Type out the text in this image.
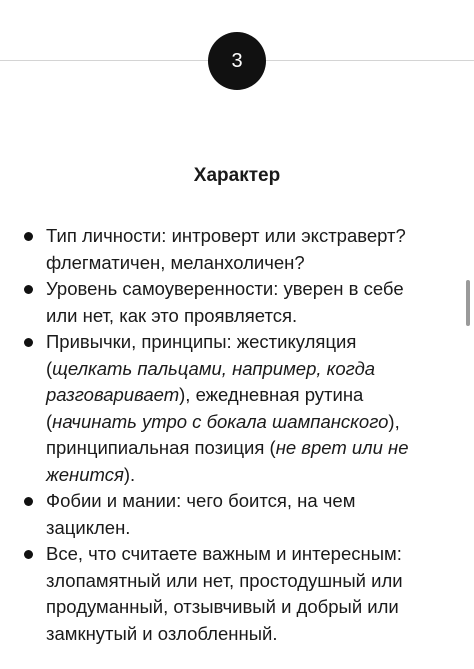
3
Характер
Тип личности: интроверт или экстраверт? флегматичен, меланхоличен?
Уровень самоуверенности: уверен в себе или нет, как это проявляется.
Привычки, принципы: жестикуляция (щелкать пальцами, например, когда разговаривает), ежедневная рутина (начинать утро с бокала шампанского), принципиальная позиция (не врет или не женится).
Фобии и мании: чего боится, на чем зациклен.
Все, что считаете важным и интересным: злопамятный или нет, простодушный или продуманный, отзывчивый и добрый или замкнутый и озлобленный.
